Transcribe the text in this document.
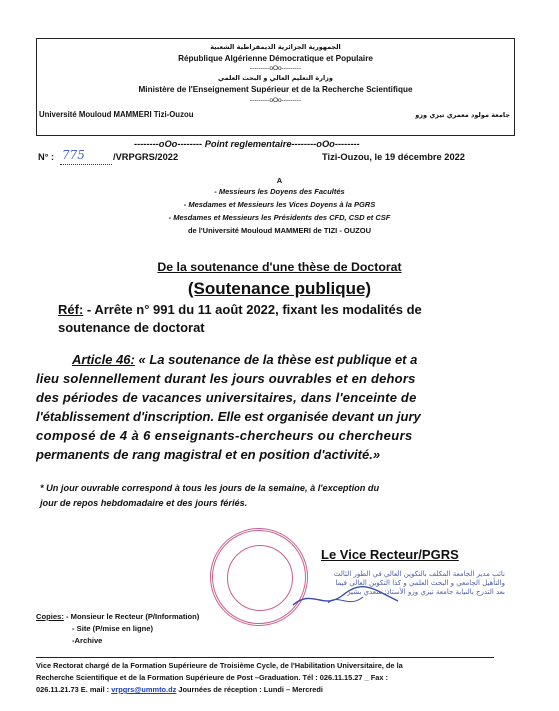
الجمهورية الجزائرية الديمقراطية الشعبية
République Algérienne Démocratique et Populaire
---------oOo---------
وزارة التعليم العالي و البحث العلمي
Ministère de l'Enseignement Supérieur et de la Recherche Scientifique
---------oOo---------
Université Mouloud MAMMERI Tizi-Ouzou	جامعة مولود معمري تيزي وزو
--------oOo-------- Point reglementaire--------oOo--------
N° : 775	/VRPGRS/2022	Tizi-Ouzou, le 19 décembre 2022
A
- Messieurs les Doyens des Facultés
- Mesdames et Messieurs les Vices Doyens à la PGRS
- Mesdames et Messieurs les Présidents des CFD, CSD et CSF
de l'Université Mouloud MAMMERI de TIZI - OUZOU
De la soutenance d'une thèse de Doctorat
(Soutenance publique)
Réf: - Arrête n° 991 du 11 août 2022, fixant les modalités de
soutenance de doctorat
Article 46: « La soutenance de la thèse est publique et a
lieu solennellement durant les jours ouvrables et en dehors
des périodes de vacances universitaires, dans l'enceinte de
l'établissement d'inscription. Elle est organisée devant un jury
composé de 4 à 6 enseignants-chercheurs ou chercheurs
permanents de rang magistral et en position d'activité.»
* Un jour ouvrable correspond à tous les jours de la semaine, à l'exception du
jour de repos hebdomadaire et des jours fériés.
Le Vice Recteur/PGRS
نائب مدير الجامعة المكلف بالتكوين العالي في الطور الثالث والتأهيل الجامعي و البحث العلمي و كذا التكوين العالي فيما بعد التدرج بالنيابة جامعة تيزي وزو الأستاذ: سعدي بشير
Copies: - Monsieur le Recteur (P/Information)
- Site (P/mise en ligne)
-Archive
Vice Rectorat chargé de la Formation Supérieure de Troisième Cycle, de l'Habilitation Universitaire, de la
Recherche Scientifique et de la Formation Supérieure de Post –Graduation. Tél : 026.11.15.27 _ Fax :
026.11.21.73 E. mail : vrpgrs@ummto.dz Journées de réception : Lundi – Mercredi
